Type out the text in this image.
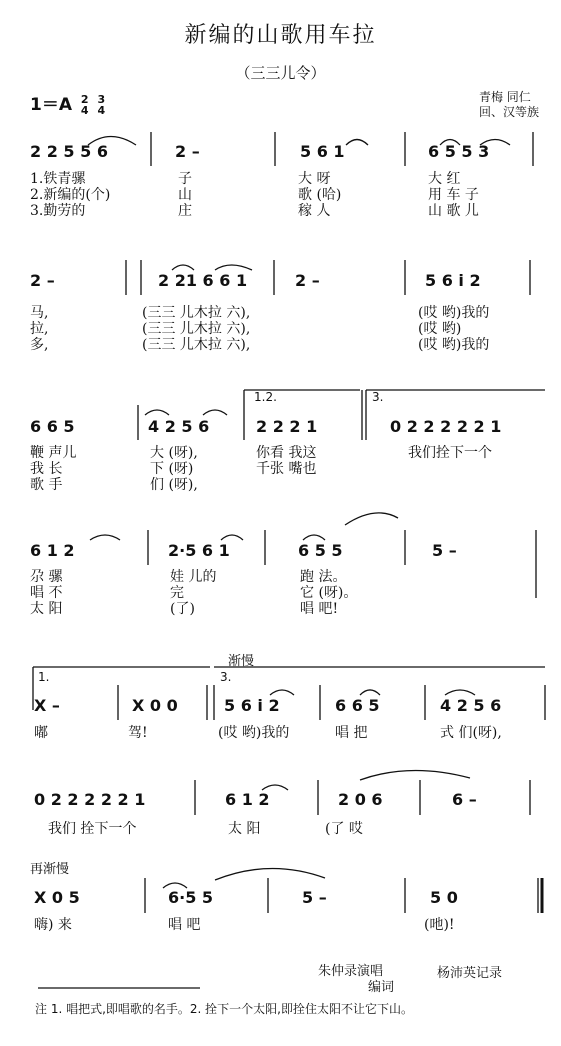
新编的山歌用车拉
（三三儿令）
1＝A 2
4 3
4
青梅 同仁
回、汉等族
2 2 5 5 6	2 –	5 6 1	6 5 5 3
1.铁青骡	子	大 呀	大 红
2.新编的(个)	山	歌 (哈)	用 车 子
3.勤劳的	庄	稼 人	山 歌 儿
2 –	2 21 6 6 1	2 –	5 6 i 2
马,	(三三 儿木拉 六),	(哎 哟)我的
拉,	(三三 儿木拉 六),	(哎 哟)
多,	(三三 儿木拉 六),	(哎 哟)我的
1.2.	3.
6 6 5	4 2 5 6	2 2 2 1	0 2 2 2 2 2 1
鞭 声儿	大 (呀),	你看 我这	我们拴下一个
我 长	下 (呀)	千张 嘴也
歌 手	们 (呀),
6 1 2	2·5 6 1	6 5 5	5 –
尕 骡	娃 儿的	跑 法。
唱 不	完	它 (呀)。
太 阳	(了)	唱 吧!
渐慢
1.	3.
X –	X 0 0	5 6 i 2	6 6 5	4 2 5 6
嘟	驾!	(哎 哟)我的	唱 把	式 们(呀),
0 2 2 2 2 2 1	6 1 2	2 0 6	6 –
我们 拴下一个	太 阳	(了 哎
再渐慢
X 0 5	6·5 5	5 –	5 0
嗨) 来	唱 吧	(吔)!
朱仲录演唱
编词
杨沛英记录
注 1. 唱把式,即唱歌的名手。2. 拴下一个太阳,即拴住太阳不让它下山。
